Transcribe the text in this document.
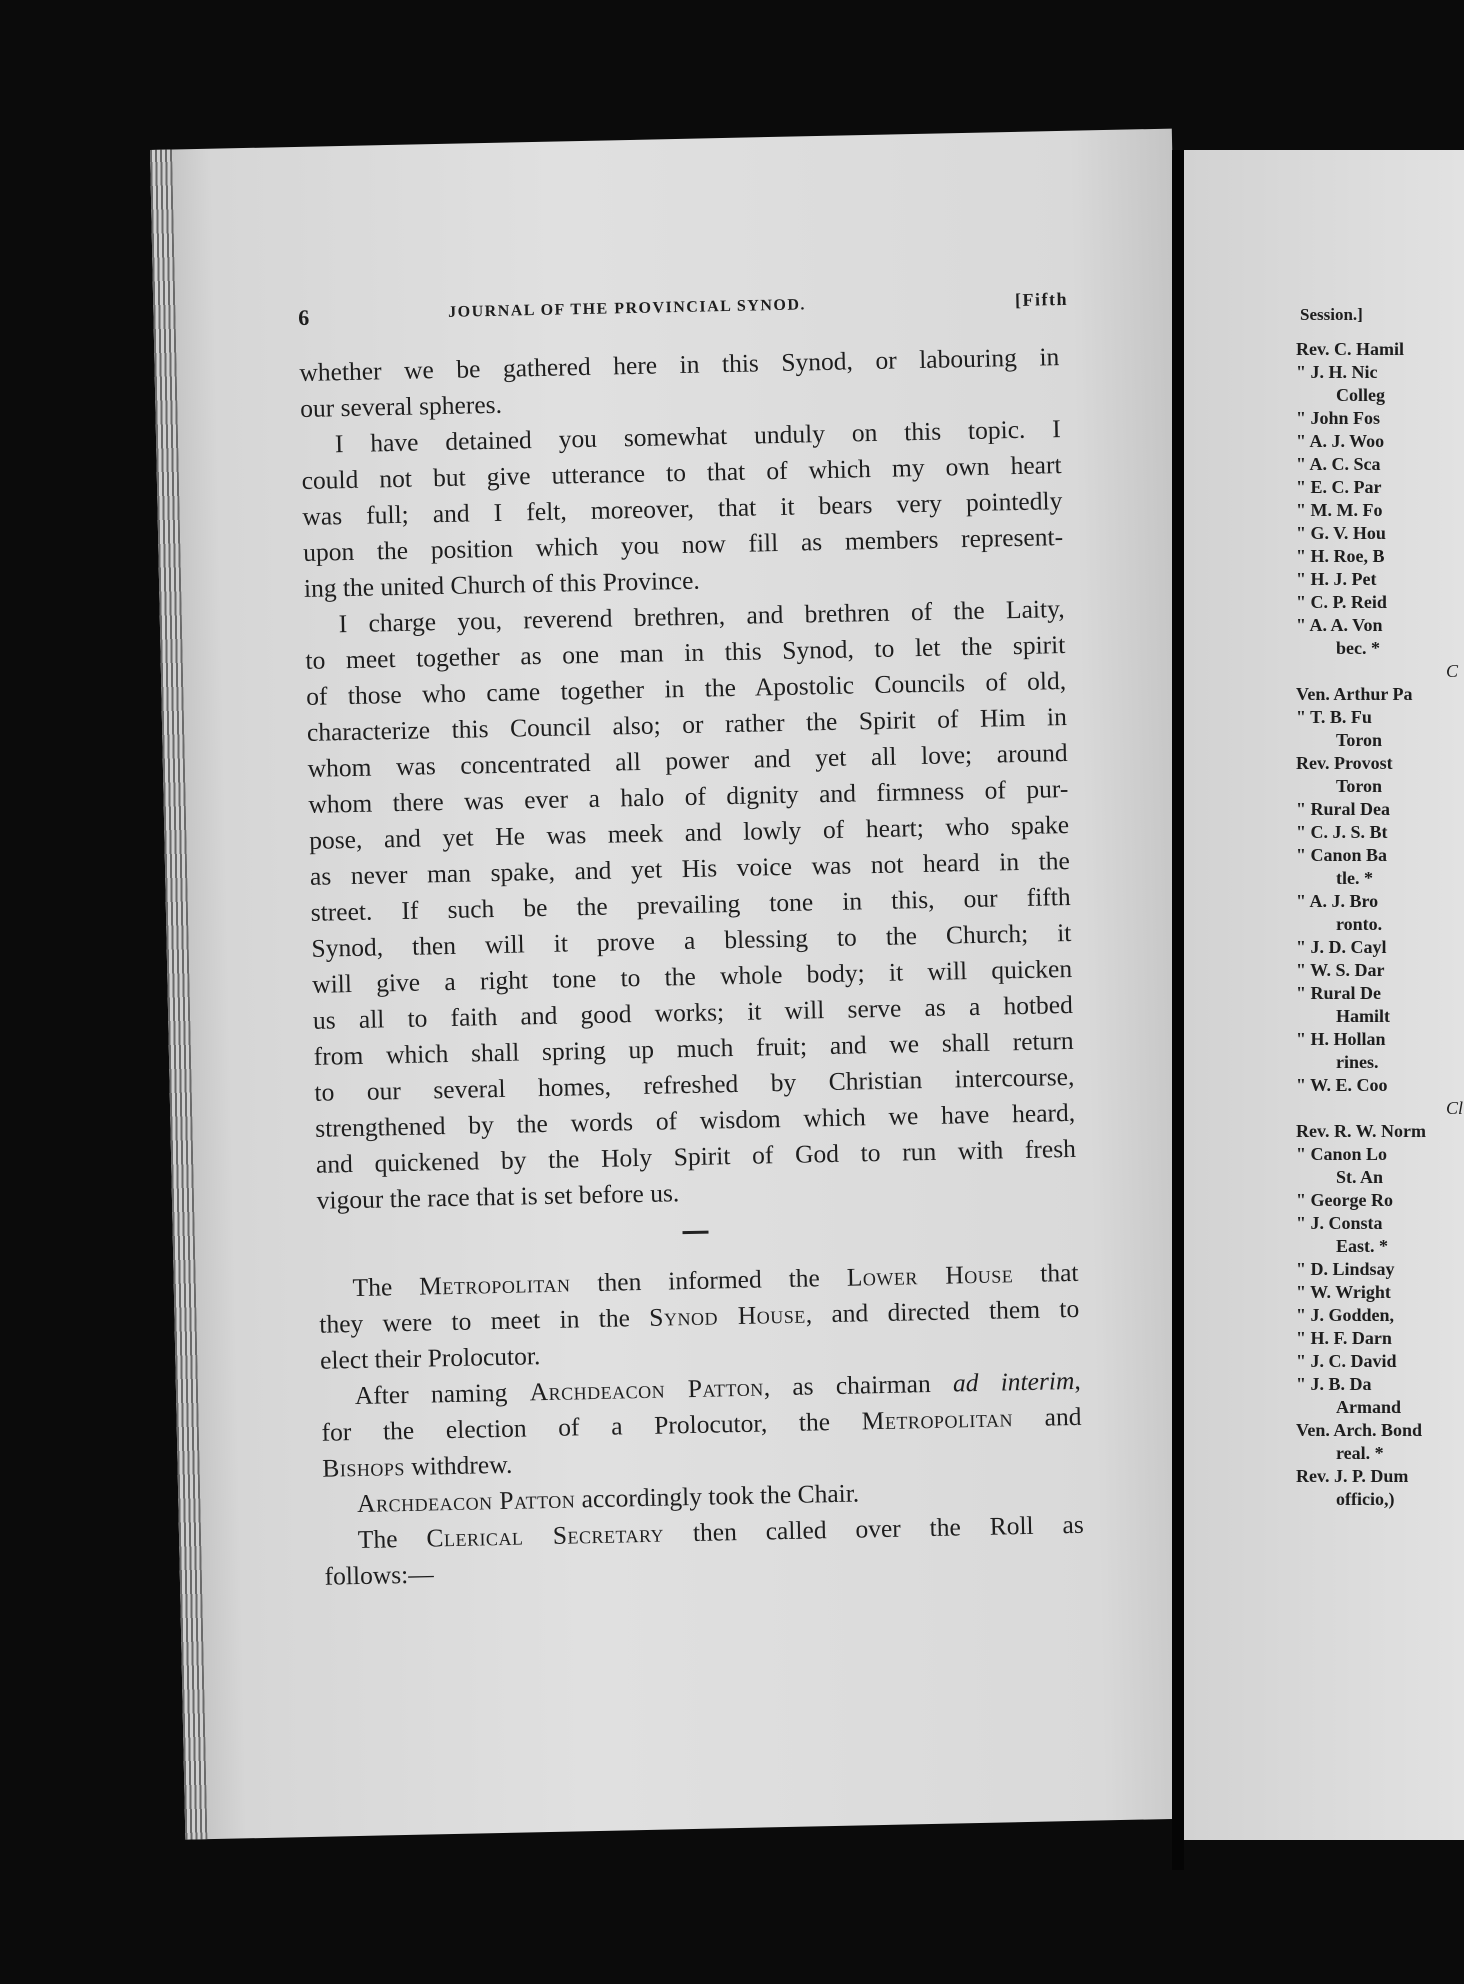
6	JOURNAL OF THE PROVINCIAL SYNOD.	[Fifth
whether we be gathered here in this Synod, or labouring in
our several spheres.
I have detained you somewhat unduly on this topic. I
could not but give utterance to that of which my own heart
was full; and I felt, moreover, that it bears very pointedly
upon the position which you now fill as members represent-
ing the united Church of this Province.
I charge you, reverend brethren, and brethren of the Laity,
to meet together as one man in this Synod, to let the spirit
of those who came together in the Apostolic Councils of old,
characterize this Council also; or rather the Spirit of Him in
whom was concentrated all power and yet all love; around
whom there was ever a halo of dignity and firmness of pur-
pose, and yet He was meek and lowly of heart; who spake
as never man spake, and yet His voice was not heard in the
street. If such be the prevailing tone in this, our fifth
Synod, then will it prove a blessing to the Church; it
will give a right tone to the whole body; it will quicken
us all to faith and good works; it will serve as a hotbed
from which shall spring up much fruit; and we shall return
to our several homes, refreshed by Christian intercourse,
strengthened by the words of wisdom which we have heard,
and quickened by the Holy Spirit of God to run with fresh
vigour the race that is set before us.
The Metropolitan then informed the Lower House that
they were to meet in the Synod House, and directed them to
elect their Prolocutor.
After naming Archdeacon Patton, as chairman ad interim,
for the election of a Prolocutor, the Metropolitan and
Bishops withdrew.
Archdeacon Patton accordingly took the Chair.
The Clerical Secretary then called over the Roll as
follows:—
Session.]
Rev. C. Hamil
" J. H. Nic
Colleg
" John Fos
" A. J. Woo
" A. C. Sca
" E. C. Par
" M. M. Fo
" G. V. Hou
" H. Roe, B
" H. J. Pet
" C. P. Reid
" A. A. Von
bec. *
C
Ven. Arthur Pa
" T. B. Fu
Toron
Rev. Provost
Toron
" Rural Dea
" C. J. S. Bt
" Canon Ba
tle. *
" A. J. Bro
ronto.
" J. D. Cayl
" W. S. Dar
" Rural De
Hamilt
" H. Hollan
rines.
" W. E. Coo
Cl
Rev. R. W. Norm
" Canon Lo
St. An
" George Ro
" J. Consta
East. *
" D. Lindsay
" W. Wright
" J. Godden,
" H. F. Darn
" J. C. David
" J. B. Da
Armand
Ven. Arch. Bond
real. *
Rev. J. P. Dum
officio,)
